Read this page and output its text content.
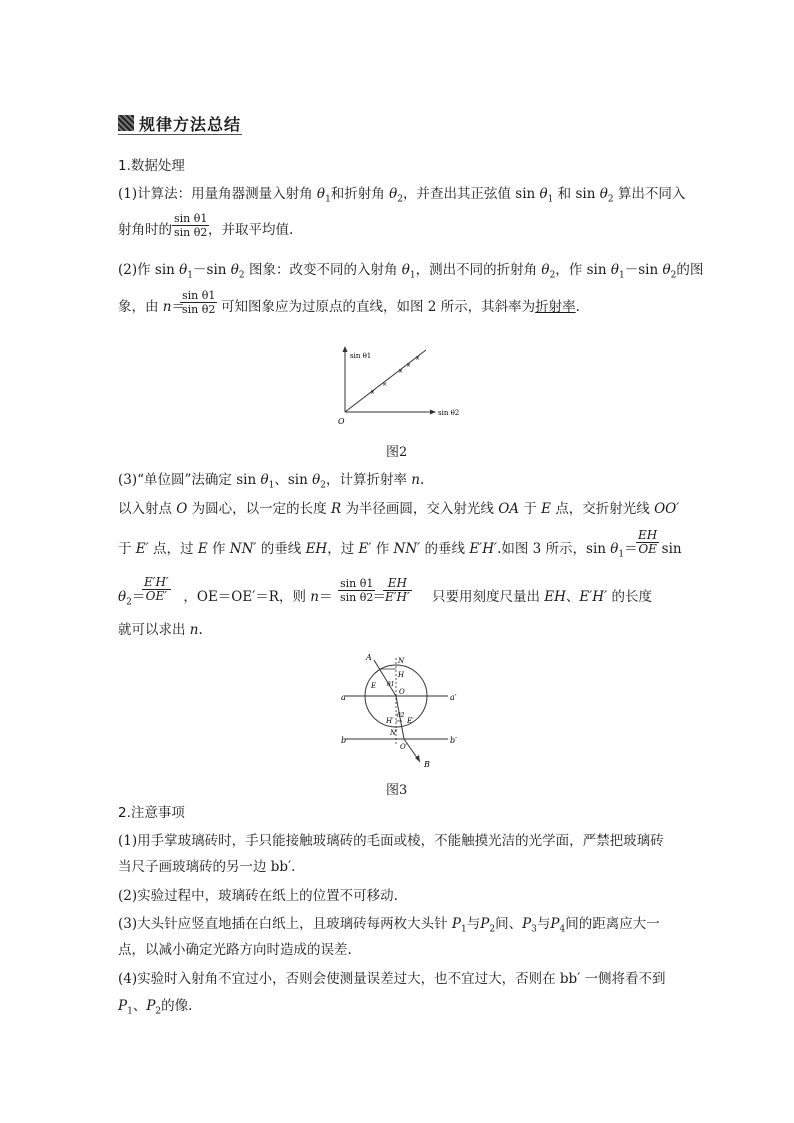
规律方法总结
1.数据处理
(1)计算法：用量角器测量入射角 $\theta_1$和折射角 $\theta_2$，并查出其正弦值 $\sin \theta_1$ 和 $\sin \theta_2$ 算出不同入
射角时的	，并取平均值.
$\frac{\text{sin θ1}}{\text{sin θ2}}$
(2)作 $\sin \theta_1-\sin$ $\theta_2$ 图象：改变不同的入射角 $\theta_1$，测出不同的折射角 $\theta_2$，作 $\sin \theta_1-\sin$ $\theta_2$的图
象，由 n＝	可知图象应为过原点的直线，如图 2 所示，其斜率为折射率.
$\frac{\text{sin θ1}}{\text{sin θ2}}$
×
×
×
×
×
sin θ1
sin θ2
O
图2
(3)“单位圆”法确定 $\sin \theta_1$、$\sin \theta_2$，计算折射率 n.
以入射点 O 为圆心，以一定的长度 R 为半径画圆，交入射光线 OA 于 E 点，交折射光线 OO′
于 E′ 点，过 E 作 NN′ 的垂线 EH，过 E′ 作 NN′ 的垂线 E′H′.如图 3 所示，$\sin \theta_1= \sin$
$\frac{EH}{OE}$
$\theta_2=$	，OE＝OE′＝R，则 n＝	＝	只要用刻度尺量出 EH、E′H′ 的长度
$\frac{E'H'}{OE'}$	$\frac{\text{sin θ1}}{\text{sin θ2}} \frac{EH}{E'H'}$
就可以求出 n.
A	N
E
H
θ1
O
a	a′
θ2
H′ E′
N′
O′
b	b′
B
图3
2.注意事项
(1)用手掌玻璃砖时，手只能接触玻璃砖的毛面或棱，不能触摸光洁的光学面，严禁把玻璃砖
当尺子画玻璃砖的另一边 bb′.
(2)实验过程中，玻璃砖在纸上的位置不可移动.
(3)大头针应竖直地插在白纸上，且玻璃砖每两枚大头针 $P_1$与$P_2$间、$P_3$与$P_4$间的距离应大一
点，以减小确定光路方向时造成的误差.
(4)实验时入射角不宜过小，否则会使测量误差过大，也不宜过大，否则在 bb′ 一侧将看不到
$P_1$、$P_2$的像.
